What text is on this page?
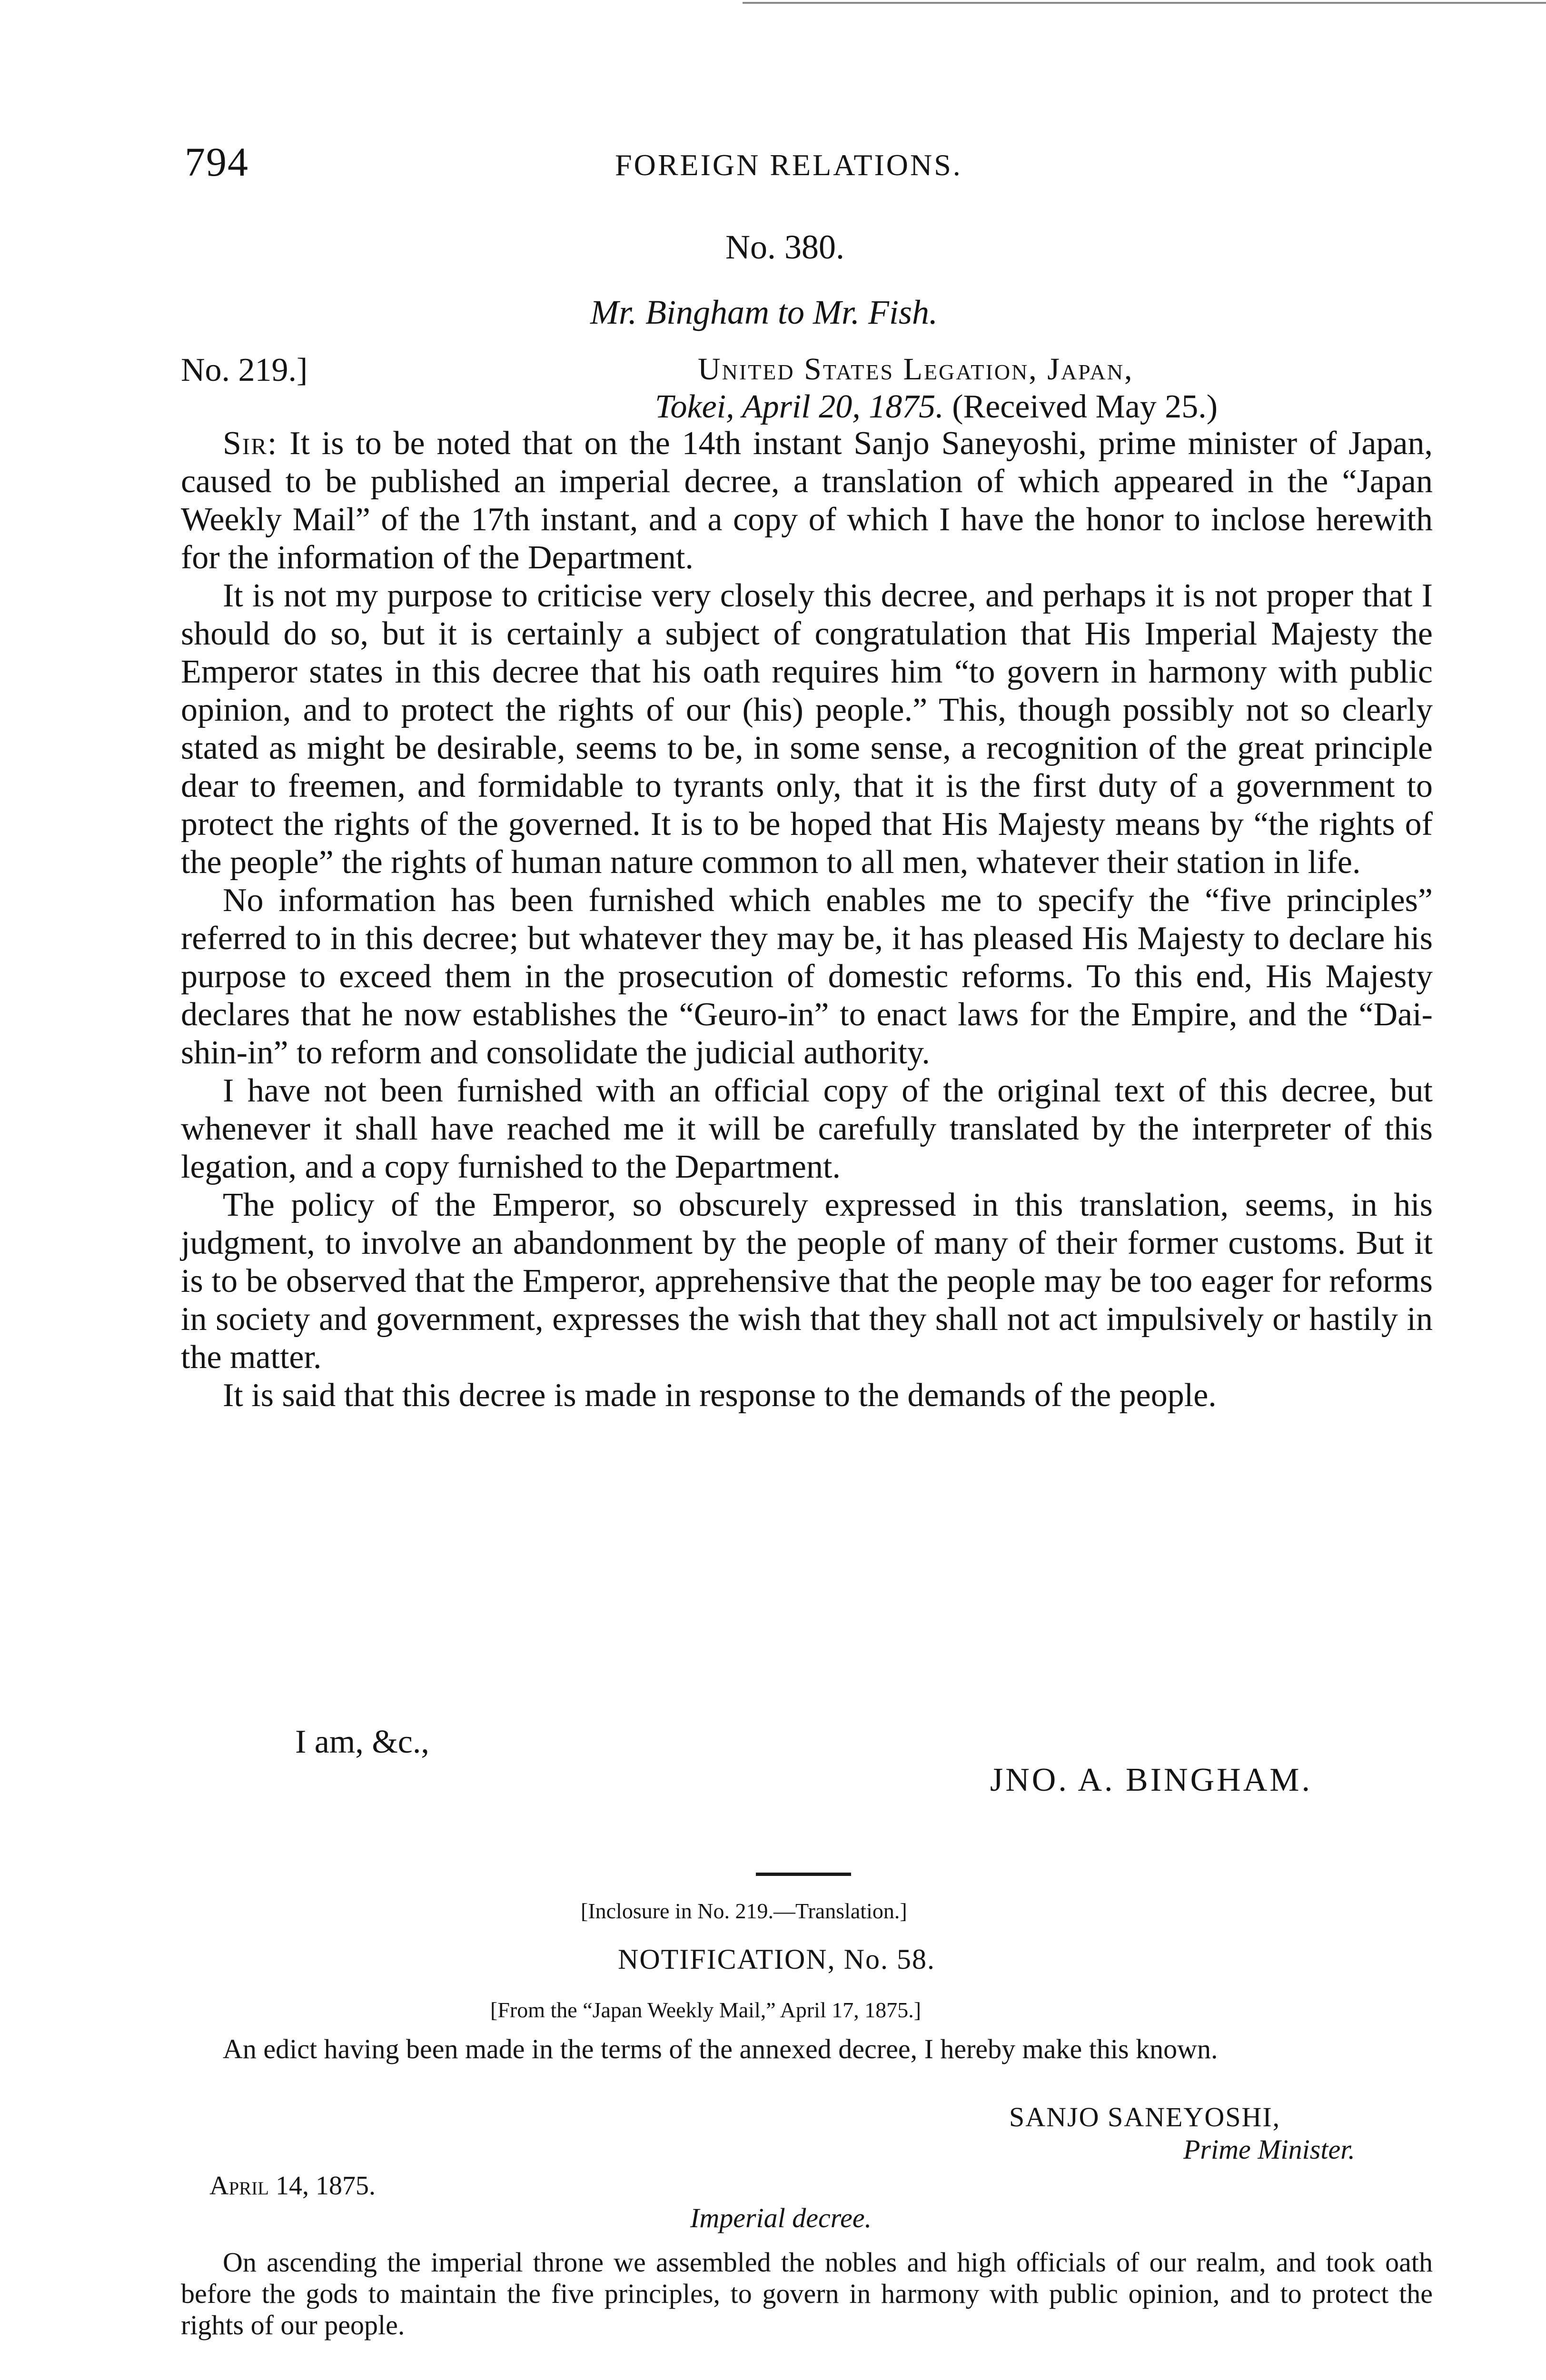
794	FOREIGN RELATIONS.
No. 380.
Mr. Bingham to Mr. Fish.
No. 219.]	United States Legation, Japan,
Tokei, April 20, 1875. (Received May 25.)

Sir: It is to be noted that on the 14th instant Sanjo Saneyoshi, prime minister of Japan, caused to be published an imperial decree, a translation of which appeared in the “Japan Weekly Mail” of the 17th instant, and a copy of which I have the honor to inclose herewith for the information of the Department.

It is not my purpose to criticise very closely this decree, and perhaps it is not proper that I should do so, but it is certainly a subject of congratulation that His Imperial Majesty the Emperor states in this decree that his oath requires him “to govern in harmony with public opinion, and to protect the rights of our (his) people.” This, though possibly not so clearly stated as might be desirable, seems to be, in some sense, a recognition of the great principle dear to freemen, and formidable to tyrants only, that it is the first duty of a government to protect the rights of the governed. It is to be hoped that His Majesty means by “the rights of the people” the rights of human nature common to all men, whatever their station in life.

No information has been furnished which enables me to specify the “five principles” referred to in this decree; but whatever they may be, it has pleased His Majesty to declare his purpose to exceed them in the prosecution of domestic reforms. To this end, His Majesty declares that he now establishes the “Geuro-in” to enact laws for the Empire, and the “Dai-shin-in” to reform and consolidate the judicial authority.

I have not been furnished with an official copy of the original text of this decree, but whenever it shall have reached me it will be carefully translated by the interpreter of this legation, and a copy furnished to the Department.

The policy of the Emperor, so obscurely expressed in this translation, seems, in his judgment, to involve an abandonment by the people of many of their former customs. But it is to be observed that the Emperor, apprehensive that the people may be too eager for reforms in society and government, expresses the wish that they shall not act impulsively or hastily in the matter.

It is said that this decree is made in response to the demands of the people.

I am, &c.,
JNO. A. BINGHAM.
[Inclosure in No. 219.—Translation.]
NOTIFICATION, No. 58.
[From the “Japan Weekly Mail,” April 17, 1875.]

An edict having been made in the terms of the annexed decree, I hereby make this known.

SANJO SANEYOSHI,
Prime Minister.
April 14, 1875.
Imperial decree.

On ascending the imperial throne we assembled the nobles and high officials of our realm, and took oath before the gods to maintain the five principles, to govern in harmony with public opinion, and to protect the rights of our people.
